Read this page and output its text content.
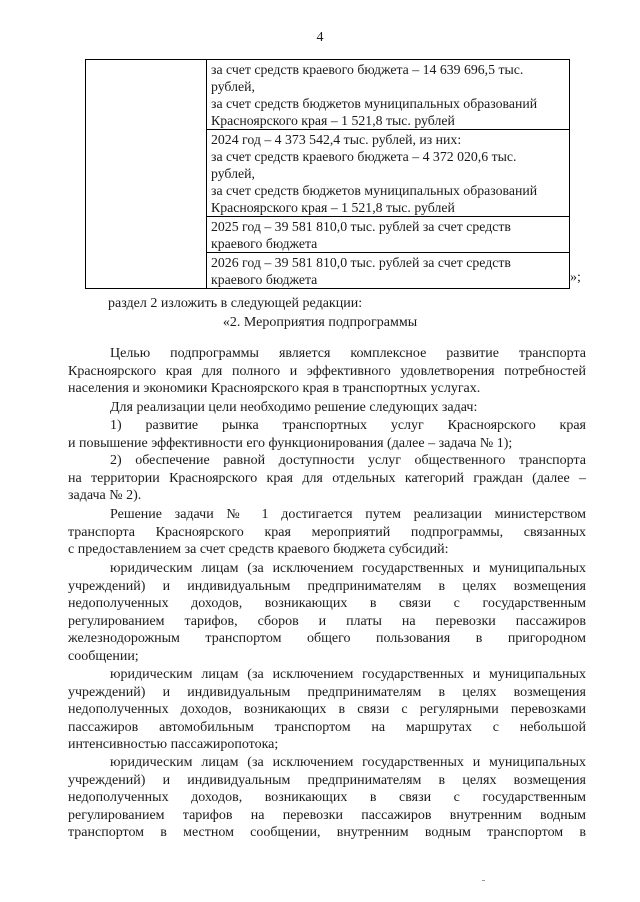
4

за счет средств краевого бюджета – 14 639 696,5 тыс.
рублей,
за счет средств бюджетов муниципальных образований
Красноярского края – 1 521,8 тыс. рублей

2024 год – 4 373 542,4 тыс. рублей, из них:
за счет средств краевого бюджета – 4 372 020,6 тыс.
рублей,
за счет средств бюджетов муниципальных образований
Красноярского края – 1 521,8 тыс. рублей

2025 год – 39 581 810,0 тыс. рублей за счет средств
краевого бюджета

2026 год – 39 581 810,0 тыс. рублей за счет средств
краевого бюджета	»;
раздел 2 изложить в следующей редакции:
«2. Мероприятия подпрограммы
Целью подпрограммы является комплексное развитие транспорта
Красноярского края для полного и эффективного удовлетворения потребностей
населения и экономики Красноярского края в транспортных услугах.
Для реализации цели необходимо решение следующих задач:
1) развитие рынка транспортных услуг Красноярского края
и повышение эффективности его функционирования (далее – задача № 1);
2) обеспечение равной доступности услуг общественного транспорта
на территории Красноярского края для отдельных категорий граждан (далее –
задача № 2).
Решение задачи № 1 достигается путем реализации министерством
транспорта Красноярского края мероприятий подпрограммы, связанных
с предоставлением за счет средств краевого бюджета субсидий:
юридическим лицам (за исключением государственных и муниципальных
учреждений) и индивидуальным предпринимателям в целях возмещения
недополученных доходов, возникающих в связи с государственным
регулированием тарифов, сборов и платы на перевозки пассажиров
железнодорожным транспортом общего пользования в пригородном
сообщении;
юридическим лицам (за исключением государственных и муниципальных
учреждений) и индивидуальным предпринимателям в целях возмещения
недополученных доходов, возникающих в связи с регулярными перевозками
пассажиров автомобильным транспортом на маршрутах с небольшой
интенсивностью пассажиропотока;
юридическим лицам (за исключением государственных и муниципальных
учреждений) и индивидуальным предпринимателям в целях возмещения
недополученных доходов, возникающих в связи с государственным
регулированием тарифов на перевозки пассажиров внутренним водным
транспортом в местном сообщении, внутренним водным транспортом в
